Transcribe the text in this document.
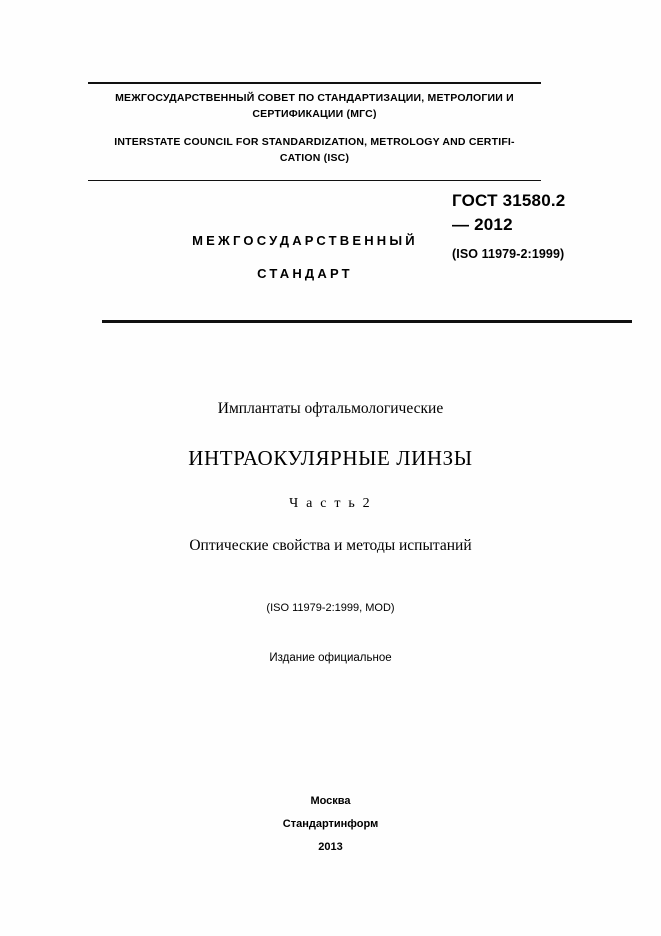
МЕЖГОСУДАРСТВЕННЫЙ СОВЕТ ПО СТАНДАРТИЗАЦИИ, МЕТРОЛОГИИ И
СЕРТИФИКАЦИИ (МГС)
INTERSTATE COUNCIL FOR STANDARDIZATION, METROLOGY AND CERTIFI-
CATION (ISC)
МЕЖГОСУДАРСТВЕННЫЙ
СТАНДАРТ
ГОСТ 31580.2
— 2012
(ISO 11979-2:1999)
Имплантаты офтальмологические
ИНТРАОКУЛЯРНЫЕ ЛИНЗЫ
Ч а с т ь 2
Оптические свойства и методы испытаний
(ISO 11979-2:1999, MOD)
Издание официальное
Москва
Стандартинформ
2013
